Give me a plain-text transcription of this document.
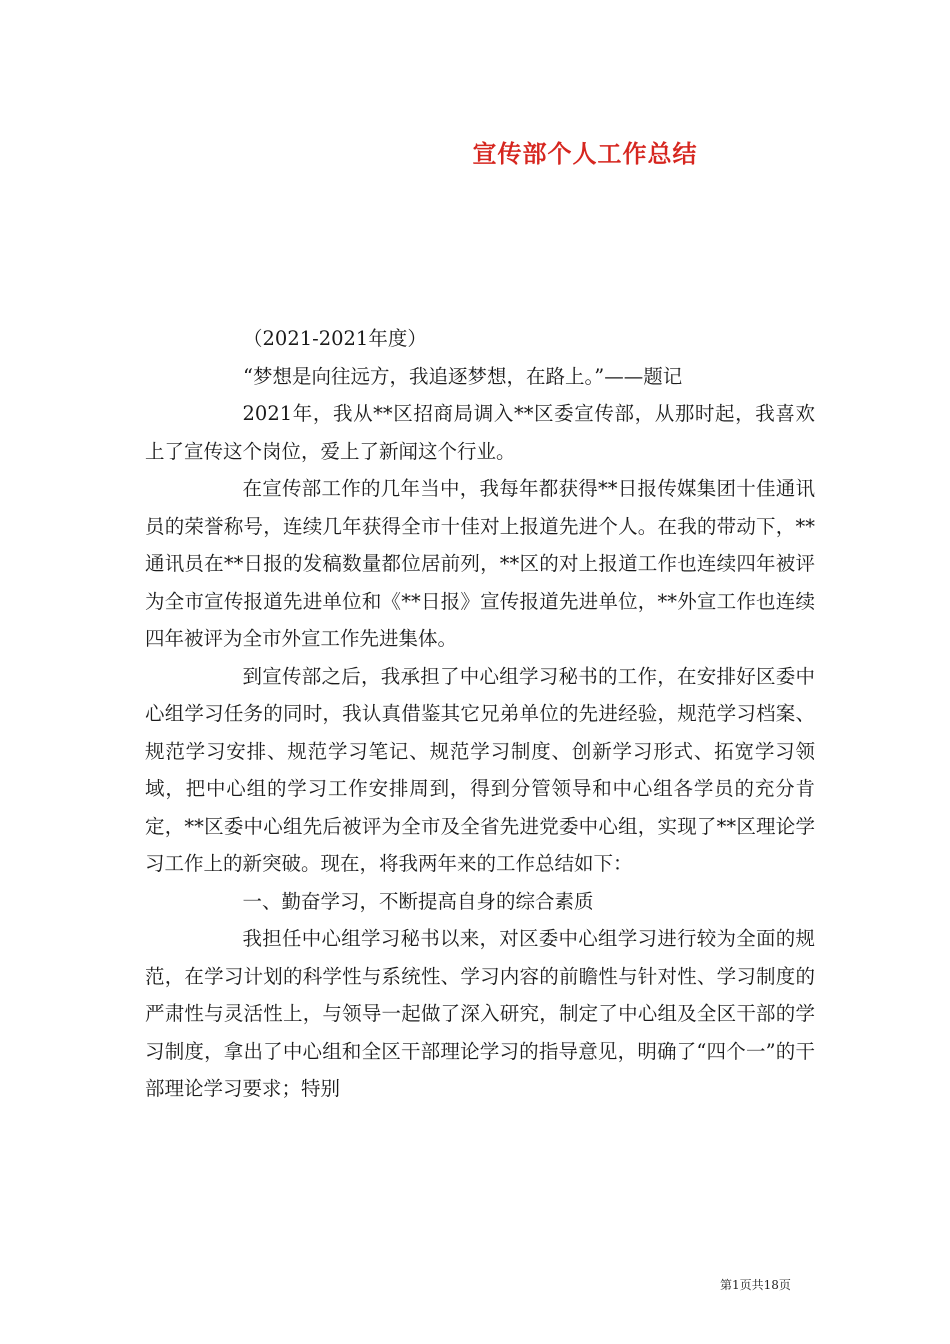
宣传部个人工作总结

（2021-2021年度）

“梦想是向往远方，我追逐梦想，在路上。”——题记

2021年，我从**区招商局调入**区委宣传部，从那时起，我喜欢上了宣传这个岗位，爱上了新闻这个行业。

在宣传部工作的几年当中，我每年都获得**日报传媒集团十佳通讯员的荣誉称号，连续几年获得全市十佳对上报道先进个人。在我的带动下，**通讯员在**日报的发稿数量都位居前列，**区的对上报道工作也连续四年被评为全市宣传报道先进单位和《**日报》宣传报道先进单位，**外宣工作也连续四年被评为全市外宣工作先进集体。

到宣传部之后，我承担了中心组学习秘书的工作，在安排好区委中心组学习任务的同时，我认真借鉴其它兄弟单位的先进经验，规范学习档案、规范学习安排、规范学习笔记、规范学习制度、创新学习形式、拓宽学习领域，把中心组的学习工作安排周到，得到分管领导和中心组各学员的充分肯定，**区委中心组先后被评为全市及全省先进党委中心组，实现了**区理论学习工作上的新突破。现在，将我两年来的工作总结如下：

一、勤奋学习，不断提高自身的综合素质

我担任中心组学习秘书以来，对区委中心组学习进行较为全面的规范，在学习计划的科学性与系统性、学习内容的前瞻性与针对性、学习制度的严肃性与灵活性上，与领导一起做了深入研究，制定了中心组及全区干部的学习制度，拿出了中心组和全区干部理论学习的指导意见，明确了“四个一”的干部理论学习要求；特别

第1页共18页
